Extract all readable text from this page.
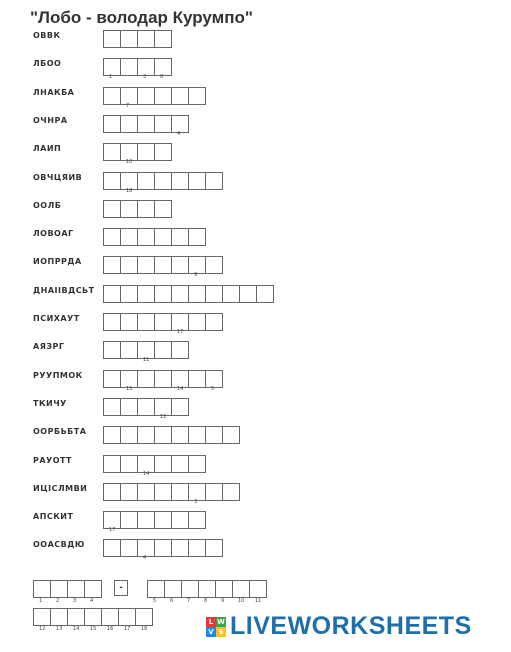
"Лобо - володар Курумпо"
ОВВК
ЛБОО
1	3	8
ЛНАКБА
7
ОЧНРА
4
ЛАИП
10
ОВЧЦЯИВ
18
ООЛБ
ЛОВОАГ
ИОПРРДА
9
ДНАІІВДСЬТ
ПСИХАУТ
17
АЯЗРГ
11
РУУПМОК
15	14	5
ТКИЧУ
12
ООРБЬБТА
РАУОТТ
14
ИЦІСЛМВИ
3
АПСКИТ
17
ООАСВДЮ
4
1	2	3	4
-
5	6	7	8	9	10 11
12 13 14 15 16 17 18
L W
V S LIVEWORKSHEETS
